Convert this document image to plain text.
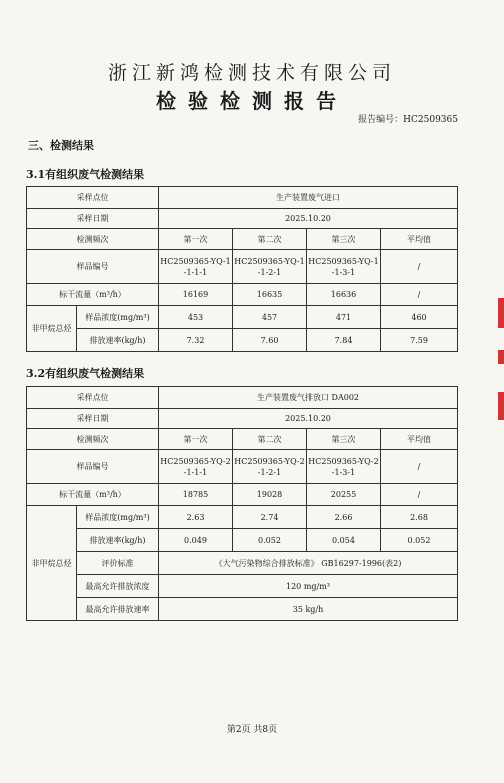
浙江新鸿检测技术有限公司
检验检测报告
报告编号：HC2509365
三、检测结果
3.1有组织废气检测结果
采样点位		生产装置废气进口			
采样日期		2025.10.20			
检测频次		第一次	第二次	第三次	平均值
样品编号		HC2509365-YQ-1-1-1-1	HC2509365-YQ-1-1-2-1	HC2509365-YQ-1-1-3-1	/
标干流量（m³/h）		16169	16635	16636	/
非甲烷总烃	样品浓度(mg/m³)	453	457	471	460
	排放速率(kg/h)	7.32	7.60	7.84	7.59
3.2有组织废气检测结果
采样点位		生产装置废气排放口 DA002			
采样日期		2025.10.20			
检测频次		第一次	第二次	第三次	平均值
样品编号		HC2509365-YQ-2-1-1-1	HC2509365-YQ-2-1-2-1	HC2509365-YQ-2-1-3-1	/
标干流量（m³/h）		18785	19028	20255	/
非甲烷总烃	样品浓度(mg/m³)	2.63	2.74	2.66	2.68
	排放速率(kg/h)	0.049	0.052	0.054	0.052
	评价标准	《大气污染物综合排放标准》 GB16297-1996(表2)			
	最高允许排放浓度	120 mg/m³			
	最高允许排放速率	35 kg/h			
第2页 共8页
